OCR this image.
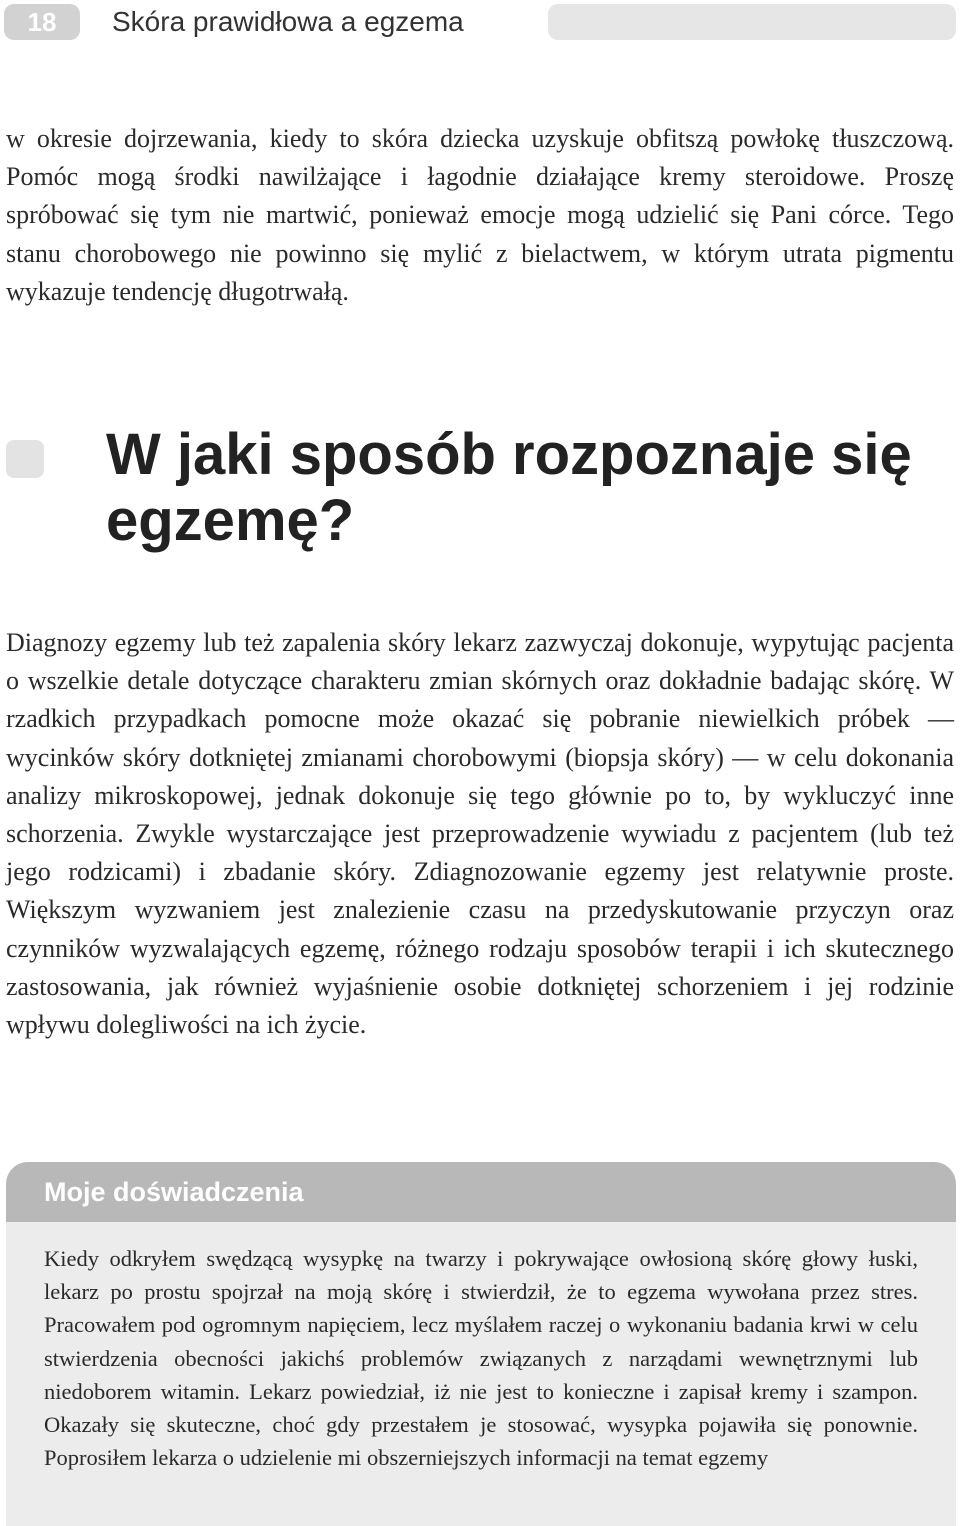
18	Skóra prawidłowa a egzema

w okresie dojrzewania, kiedy to skóra dziecka uzyskuje obfitszą powłokę tłuszczową. Pomóc mogą środki nawilżające i łagodnie działające kremy steroidowe. Proszę spróbować się tym nie martwić, ponieważ emocje mogą udzielić się Pani córce. Tego stanu chorobowego nie powinno się mylić z bielactwem, w którym utrata pigmentu wykazuje tendencję długotrwałą.

W jaki sposób rozpoznaje się egzemę?

Diagnozy egzemy lub też zapalenia skóry lekarz zazwyczaj dokonuje, wypytując pacjenta o wszelkie detale dotyczące charakteru zmian skórnych oraz dokładnie badając skórę. W rzadkich przypadkach pomocne może okazać się pobranie niewielkich próbek — wycinków skóry dotkniętej zmianami chorobowymi (biopsja skóry) — w celu dokonania analizy mikroskopowej, jednak dokonuje się tego głównie po to, by wykluczyć inne schorzenia. Zwykle wystarczające jest przeprowadzenie wywiadu z pacjentem (lub też jego rodzicami) i zbadanie skóry. Zdiagnozowanie egzemy jest relatywnie proste. Większym wyzwaniem jest znalezienie czasu na przedyskutowanie przyczyn oraz czynników wyzwalających egzemę, różnego rodzaju sposobów terapii i ich skutecznego zastosowania, jak również wyjaśnienie osobie dotkniętej schorzeniem i jej rodzinie wpływu dolegliwości na ich życie.

Moje doświadczenia

Kiedy odkryłem swędzącą wysypkę na twarzy i pokrywające owłosioną skórę głowy łuski, lekarz po prostu spojrzał na moją skórę i stwierdził, że to egzema wywołana przez stres. Pracowałem pod ogromnym napięciem, lecz myślałem raczej o wykonaniu badania krwi w celu stwierdzenia obecności jakichś problemów związanych z narządami wewnętrznymi lub niedoborem witamin. Lekarz powiedział, iż nie jest to konieczne i zapisał kremy i szampon. Okazały się skuteczne, choć gdy przestałem je stosować, wysypka pojawiła się ponownie. Poprosiłem lekarza o udzielenie mi obszerniejszych informacji na temat egzemy
